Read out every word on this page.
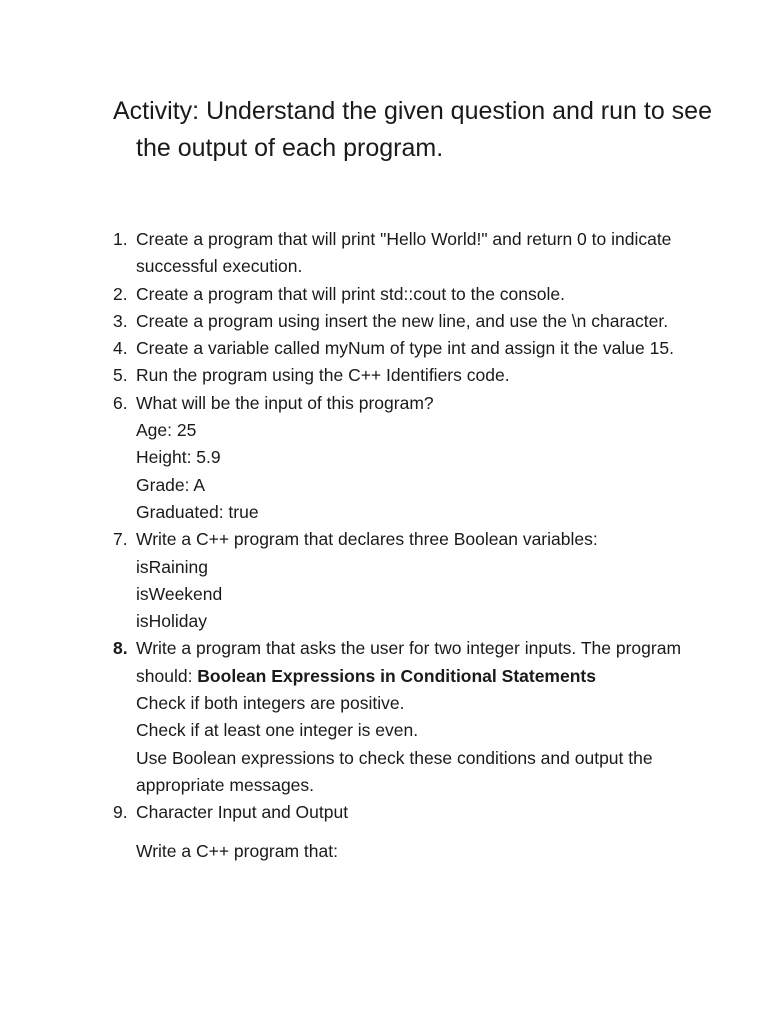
Activity: Understand the given question and run to see the output of each program.
1. Create a program that will print "Hello World!" and return 0 to indicate successful execution.
2. Create a program that will print std::cout to the console.
3. Create a program using insert the new line, and use the \n character.
4. Create a variable called myNum of type int and assign it the value 15.
5. Run the program using the C++ Identifiers code.
6. What will be the input of this program?
Age: 25
Height: 5.9
Grade: A
Graduated: true
7. Write a C++ program that declares three Boolean variables:
isRaining
isWeekend
isHoliday
8. Write a program that asks the user for two integer inputs. The program should: Boolean Expressions in Conditional Statements
Check if both integers are positive.
Check if at least one integer is even.
Use Boolean expressions to check these conditions and output the appropriate messages.
9. Character Input and Output
Write a C++ program that:
